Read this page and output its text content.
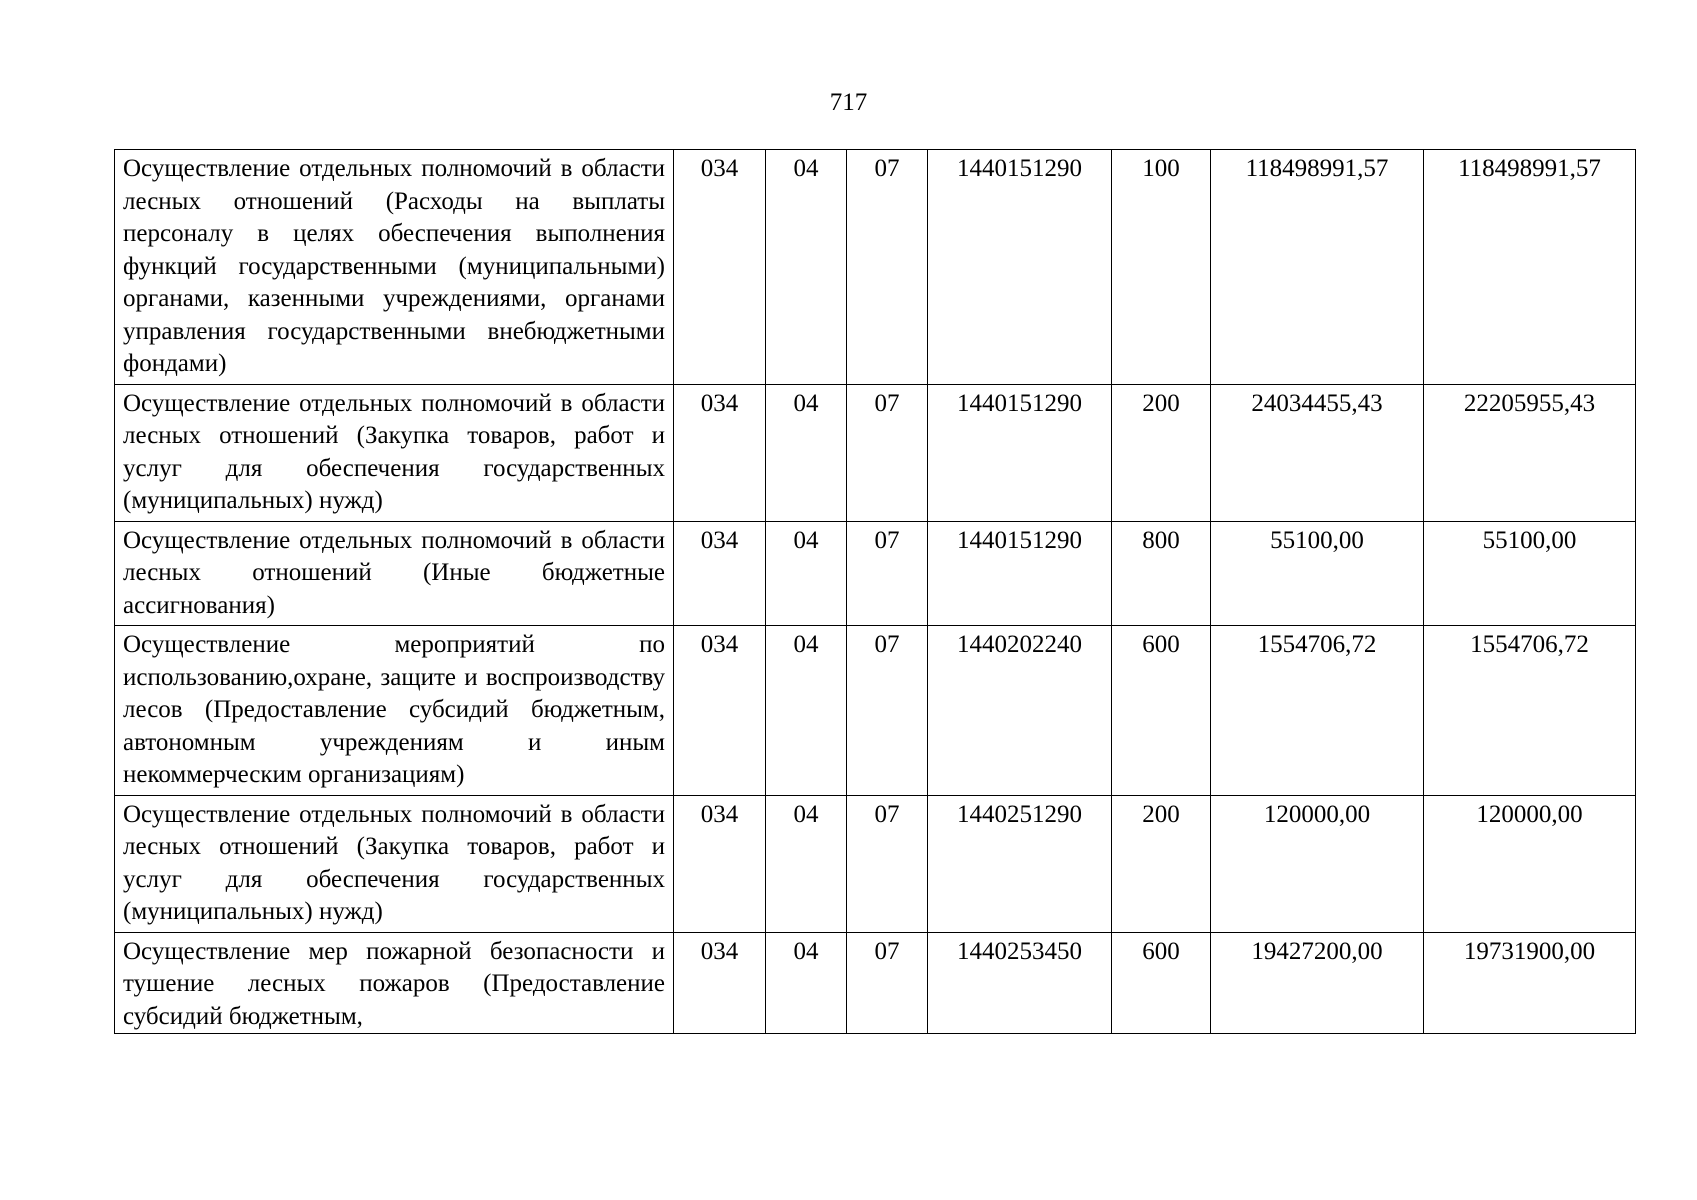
717
Осуществление отдельных полномочий в области лесных отношений (Расходы на выплаты персоналу в целях обеспечения выполнения функций государственными (муниципальными) органами, казенными учреждениями, органами управления государственными внебюджетными фондами)	034	04	07	1440151290	100	118498991,57	118498991,57
Осуществление отдельных полномочий в области лесных отношений (Закупка товаров, работ и услуг для обеспечения государственных (муниципальных) нужд)	034	04	07	1440151290	200	24034455,43	22205955,43
Осуществление отдельных полномочий в области лесных отношений (Иные бюджетные ассигнования)	034	04	07	1440151290	800	55100,00	55100,00
Осуществление мероприятий по использованию,охране, защите и воспроизводству лесов (Предоставление субсидий бюджетным, автономным учреждениям и иным некоммерческим организациям)	034	04	07	1440202240	600	1554706,72	1554706,72
Осуществление отдельных полномочий в области лесных отношений (Закупка товаров, работ и услуг для обеспечения государственных (муниципальных) нужд)	034	04	07	1440251290	200	120000,00	120000,00

Осуществление мер пожарной безопасности и тушение лесных пожаров (Предоставление субсидий бюджетным,	034	04	07	1440253450	600	19427200,00	19731900,00
